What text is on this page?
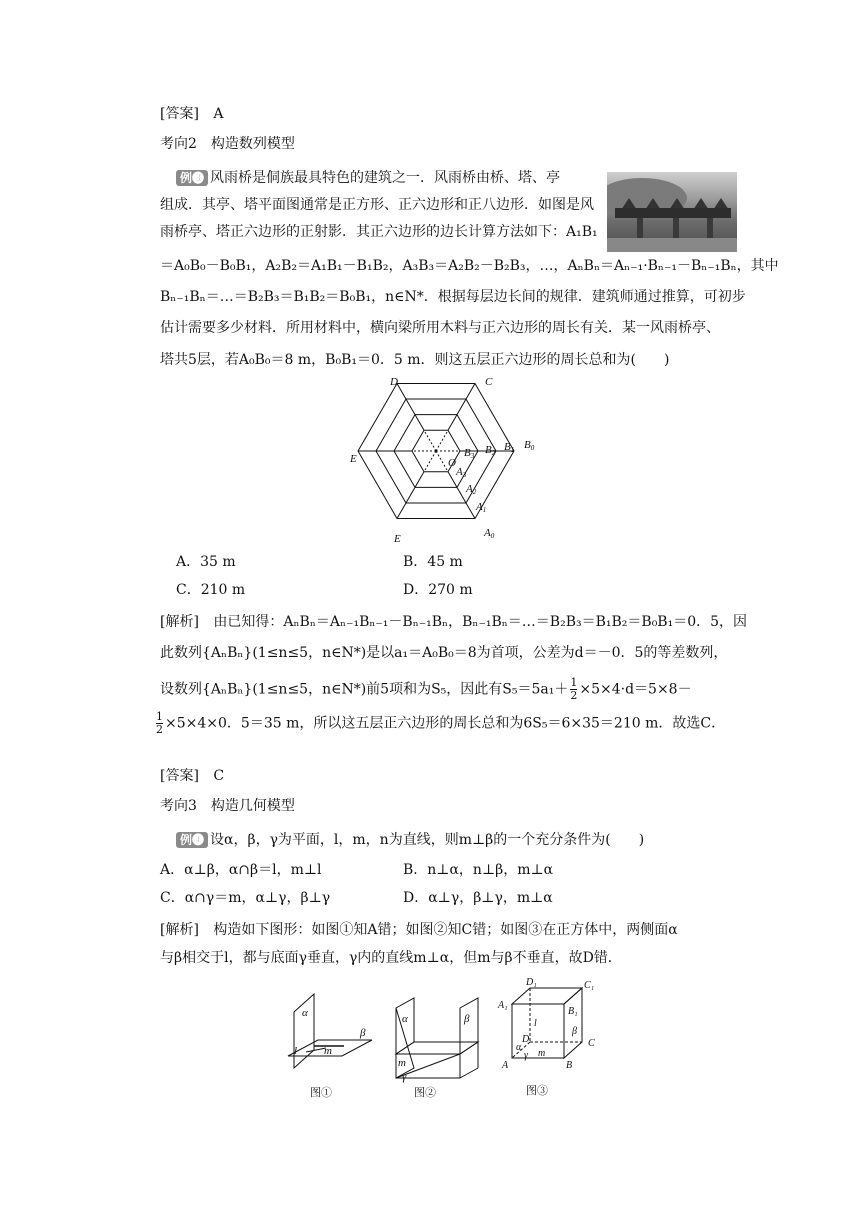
[答案] A
考向2　构造数列模型
例❸ 风雨桥是侗族最具特色的建筑之一．风雨桥由桥、塔、亭
组成．其亭、塔平面图通常是正方形、正六边形和正八边形．如图是风
雨桥亭、塔正六边形的正射影．其正六边形的边长计算方法如下：A₁B₁
＝A₀B₀－B₀B₁，A₂B₂＝A₁B₁－B₁B₂，A₃B₃＝A₂B₂－B₂B₃，…，AₙBₙ＝Aₙ₋₁·Bₙ₋₁－Bₙ₋₁Bₙ，其中
Bₙ₋₁Bₙ＝…＝B₂B₃＝B₁B₂＝B₀B₁，n∈N*．根据每层边长间的规律．建筑师通过推算，可初步
估计需要多少材料．所用材料中，横向梁所用木料与正六边形的周长有关．某一风雨桥亭、
塔共5层，若A₀B₀＝8 m，B₀B₁＝0．5 m．则这五层正六边形的周长总和为(　　)
D	C
E
E
O
B3 B2 B1 B0
A3
A2
A1
A0
A．35 m	B．45 m
C．210 m	D．270 m
[解析] 由已知得：AₙBₙ＝Aₙ₋₁Bₙ₋₁－Bₙ₋₁Bₙ，Bₙ₋₁Bₙ＝…＝B₂B₃＝B₁B₂＝B₀B₁＝0．5，因
此数列{AₙBₙ}(1≤n≤5，n∈N*)是以a₁＝A₀B₀＝8为首项，公差为d＝－0．5的等差数列，
设数列{AₙBₙ}(1≤n≤5，n∈N*)前5项和为S₅，因此有$S_5=5a_1+ \frac{1}{2} \times 5\times 4\cdot d=5\times 8-$
$\frac{1}{2} \times 5\times 4\times 0$．5＝35 m，所以这五层正六边形的周长总和为6S₅＝6×35＝210 m．故选C．
[答案] C
考向3　构造几何模型
例❹ 设α，β，γ为平面，l，m，n为直线，则m⊥β的一个充分条件为(　　)
A．α⊥β，α∩β＝l，m⊥l	B．n⊥α，n⊥β，m⊥α
C．α∩γ＝m，α⊥γ，β⊥γ	D．α⊥γ，β⊥γ，m⊥α
[解析] 构造如下图形：如图①知A错；如图②知C错；如图③在正方体中，两侧面α
与β相交于l，都与底面γ垂直，γ内的直线m⊥α，但m与β不垂直，故D错．
α
β
l m
图①
α	β
m
γ
图②
D₁	C₁
A₁
B₁
l
β
D	C
α
γ m
A	B
图③
